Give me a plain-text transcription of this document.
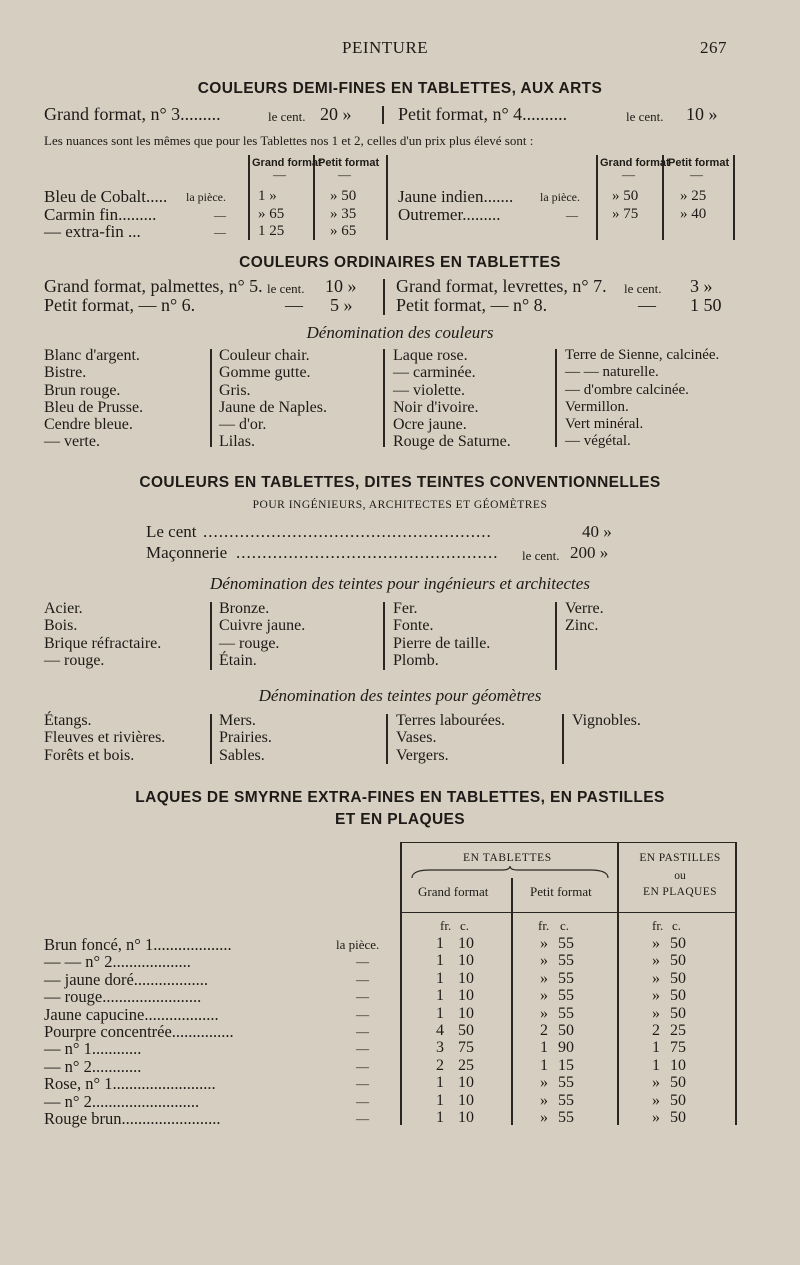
PEINTURE	267
COULEURS DEMI-FINES EN TABLETTES, AUX ARTS
Grand format, n° 3.........	le cent. 20 »	Petit format, n° 4..........	le cent. 10 »
Les nuances sont les mêmes que pour les Tablettes nos 1 et 2, celles d'un prix plus élevé sont :
Grand format
Petit format
—	—
Bleu de Cobalt..... la pièce. 1 »	» 50
Carmin fin.........	— » 65	» 35
— extra-fin ...	— 1 25	» 65
Grand format
Petit format
—	—
Jaune indien....... la pièce. » 50	» 25
Outremer.........	— » 75	» 40
COULEURS ORDINAIRES EN TABLETTES
Grand format, palmettes, n° 5. le cent. 10 »
Petit format, — n° 6.	— 5 »
Grand format, levrettes, n° 7. le cent. 3 »
Petit format, — n° 8.	— 1 50
Dénomination des couleurs
Blanc d'argent.
Bistre.
Brun rouge.
Bleu de Prusse.
Cendre bleue.
— verte.
Couleur chair.
Gomme gutte.
Gris.
Jaune de Naples.
— d'or.
Lilas.
Laque rose.
— carminée.
— violette.
Noir d'ivoire.
Ocre jaune.
Rouge de Saturne.
Terre de Sienne, calcinée.
— — naturelle.
— d'ombre calcinée.
Vermillon.
Vert minéral.
— végétal.
COULEURS EN TABLETTES, DITES TEINTES CONVENTIONNELLES
POUR INGÉNIEURS, ARCHITECTES ET GÉOMÈTRES
Le cent .......................................................	40 »
Maçonnerie .................................................. le cent. 200 »
Dénomination des teintes pour ingénieurs et architectes
Acier.
Bois.
Brique réfractaire.
— rouge.
Bronze.
Cuivre jaune.
— rouge.
Étain.
Fer.
Fonte.
Pierre de taille.
Plomb.
Verre.
Zinc.
Dénomination des teintes pour géomètres
Étangs.
Fleuves et rivières.
Forêts et bois.
Mers.
Prairies.
Sables.
Terres labourées.
Vases.
Vergers.
Vignobles.
LAQUES DE SMYRNE EXTRA-FINES EN TABLETTES, EN PASTILLES
ET EN PLAQUES
EN TABLETTES	EN PASTILLES
ou
EN PLAQUES
Grand format	Petit format
fr. c.	fr. c.	fr. c.
Brun foncé, n° 1...................	la pièce.	1 10	» 55	» 50
— — n° 2...................	—	1 10	» 55	» 50
— jaune doré..................	—	1 10	» 55	» 50
— rouge........................	—	1 10	» 55	» 50
Jaune capucine..................	—	1 10	» 55	» 50
Pourpre concentrée...............	—	4 50	2 50	2 25
— n° 1............	—	3 75	1 90	1 75
— n° 2............	—	2 25	1 15	1 10
Rose, n° 1.........................	—	1 10	» 55	» 50
— n° 2..........................	—	1 10	» 55	» 50
Rouge brun........................	—	1 10	» 55	» 50
